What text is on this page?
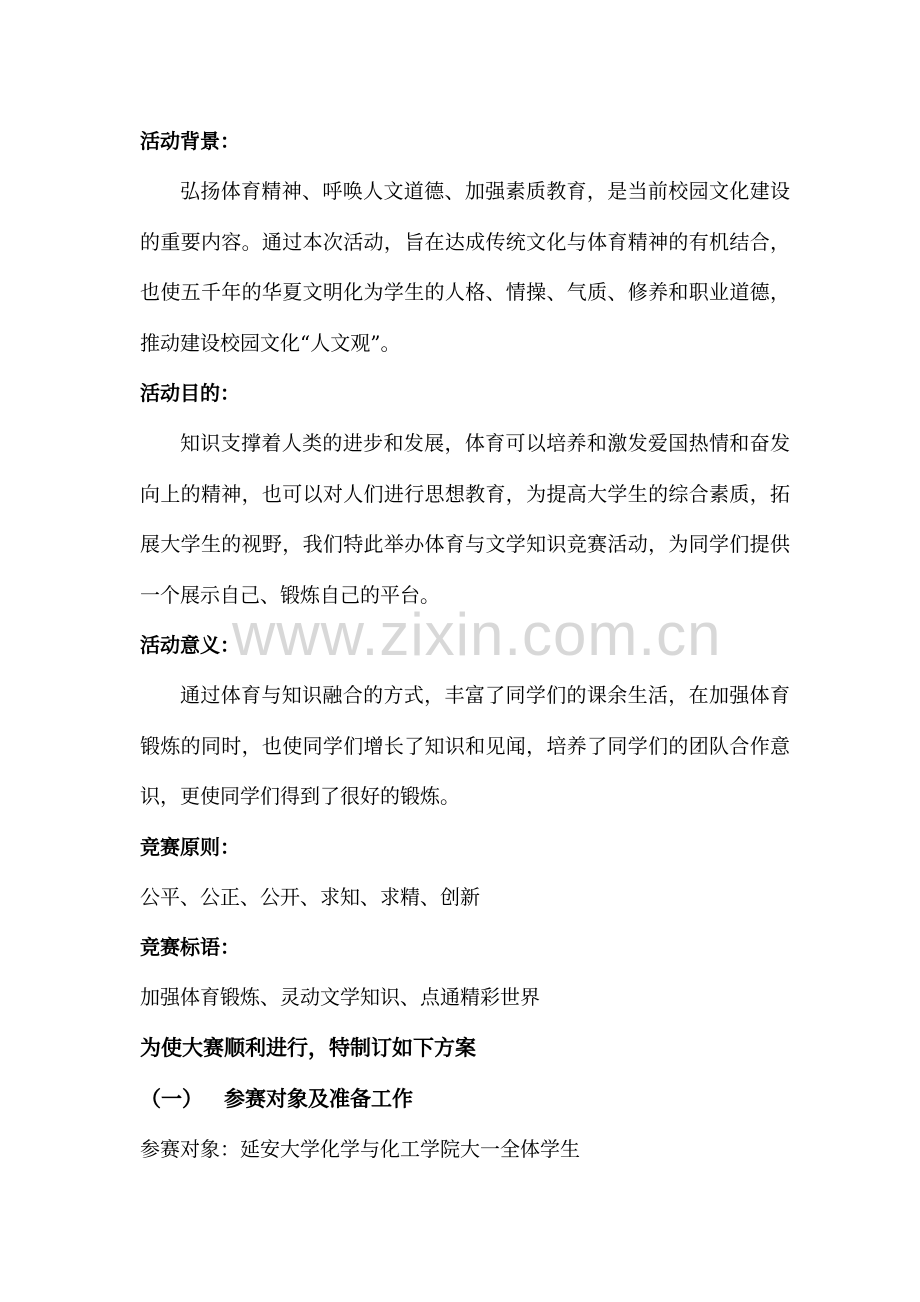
www.zixin.com.cn
活动背景：
弘扬体育精神、呼唤人文道德、加强素质教育，是当前校园文化建设的重要内容。通过本次活动，旨在达成传统文化与体育精神的有机结合，也使五千年的华夏文明化为学生的人格、情操、气质、修养和职业道德，推动建设校园文化“人文观”。
活动目的：
知识支撑着人类的进步和发展，体育可以培养和激发爱国热情和奋发向上的精神，也可以对人们进行思想教育，为提高大学生的综合素质，拓展大学生的视野，我们特此举办体育与文学知识竞赛活动，为同学们提供一个展示自己、锻炼自己的平台。
活动意义：
通过体育与知识融合的方式，丰富了同学们的课余生活，在加强体育锻炼的同时，也使同学们增长了知识和见闻，培养了同学们的团队合作意识，更使同学们得到了很好的锻炼。
竞赛原则：
公平、公正、公开、求知、求精、创新
竞赛标语：
加强体育锻炼、灵动文学知识、点通精彩世界
为使大赛顺利进行，特制订如下方案
（一） 参赛对象及准备工作
参赛对象：延安大学化学与化工学院大一全体学生
